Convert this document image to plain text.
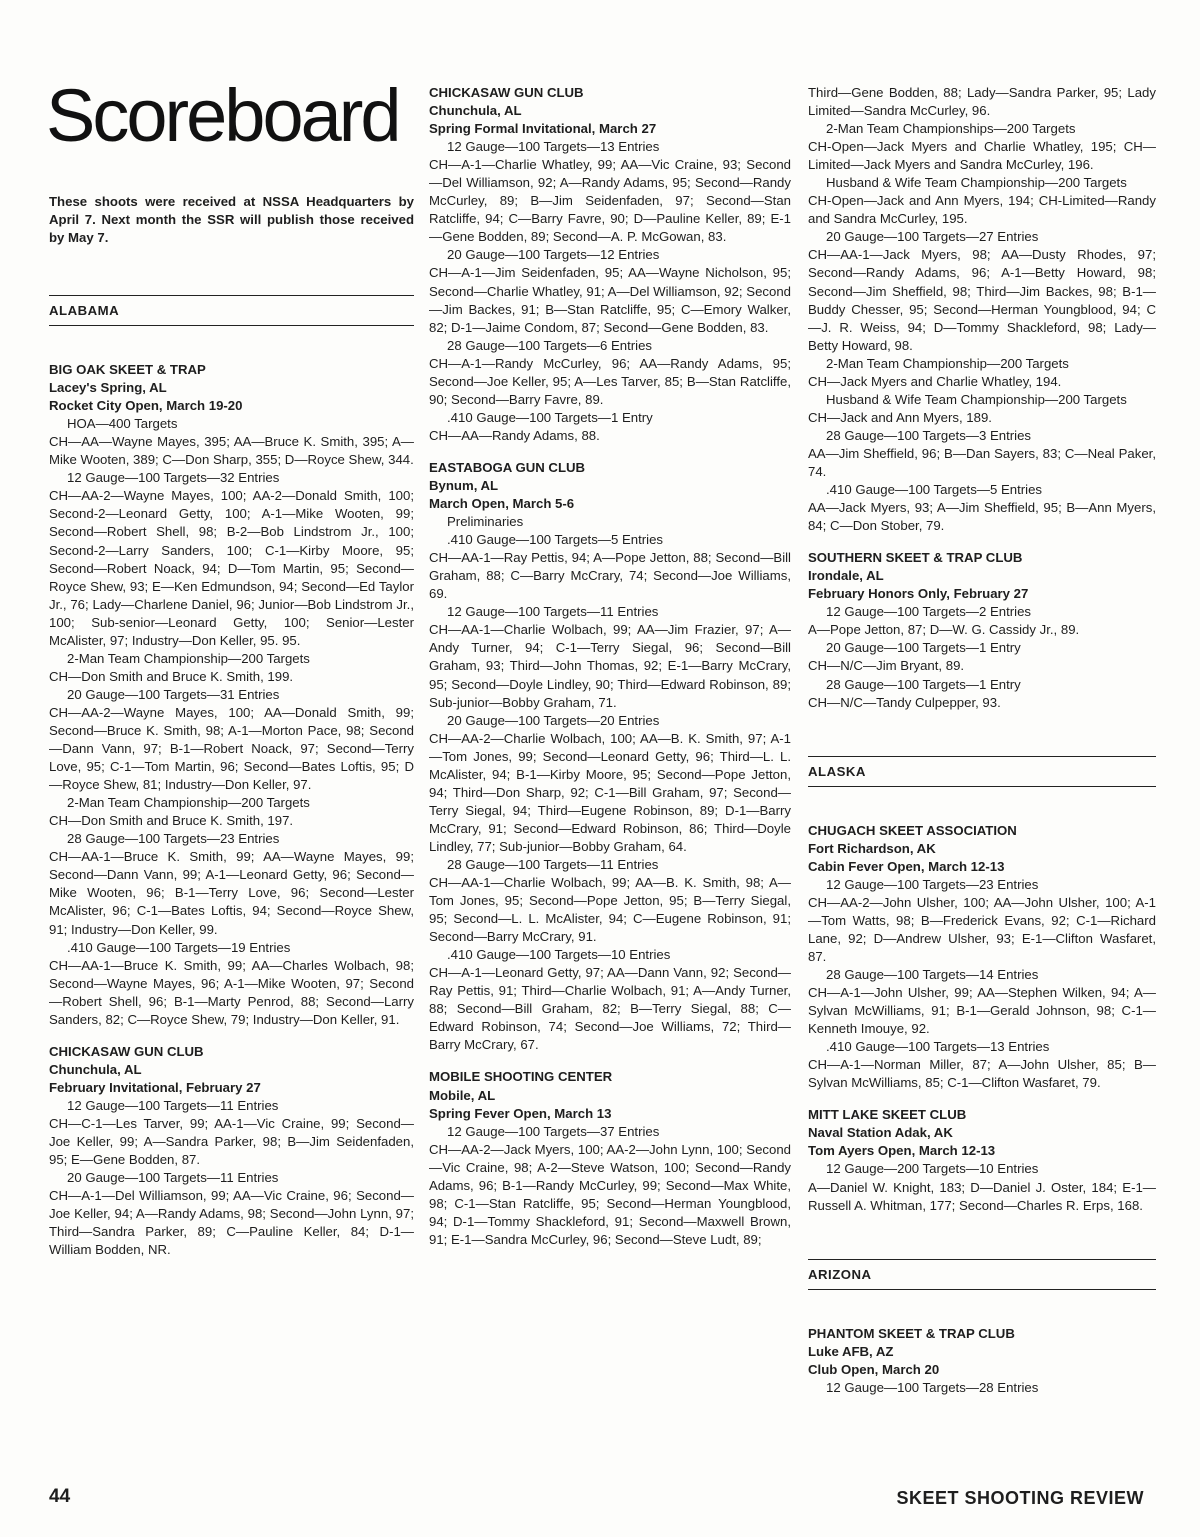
Scoreboard

These shoots were received at NSSA Headquarters by April 7. Next month the SSR will publish those received by May 7.

ALABAMA

BIG OAK SKEET & TRAP

Lacey's Spring, AL

Rocket City Open, March 19-20

HOA—400 Targets

CH—AA—Wayne Mayes, 395; AA—Bruce K. Smith, 395; A—Mike Wooten, 389; C—Don Sharp, 355; D—Royce Shew, 344.

12 Gauge—100 Targets—32 Entries

CH—AA-2—Wayne Mayes, 100; AA-2—Donald Smith, 100; Second-2—Leonard Getty, 100; A-1—Mike Wooten, 99; Second—Robert Shell, 98; B-2—Bob Lindstrom Jr., 100; Second-2—Larry Sanders, 100; C-1—Kirby Moore, 95; Second—Robert Noack, 94; D—Tom Martin, 95; Second—Royce Shew, 93; E—Ken Edmundson, 94; Second—Ed Taylor Jr., 76; Lady—Charlene Daniel, 96; Junior—Bob Lindstrom Jr., 100; Sub-senior—Leonard Getty, 100; Senior—Lester McAlister, 97; Industry—Don Keller, 95. 95.

2-Man Team Championship—200 Targets

CH—Don Smith and Bruce K. Smith, 199.

20 Gauge—100 Targets—31 Entries

CH—AA-2—Wayne Mayes, 100; AA—Donald Smith, 99; Second—Bruce K. Smith, 98; A-1—Morton Pace, 98; Second—Dann Vann, 97; B-1—Robert Noack, 97; Second—Terry Love, 95; C-1—Tom Martin, 96; Second—Bates Loftis, 95; D—Royce Shew, 81; Industry—Don Keller, 97.

2-Man Team Championship—200 Targets

CH—Don Smith and Bruce K. Smith, 197.

28 Gauge—100 Targets—23 Entries

CH—AA-1—Bruce K. Smith, 99; AA—Wayne Mayes, 99; Second—Dann Vann, 99; A-1—Leonard Getty, 96; Second—Mike Wooten, 96; B-1—Terry Love, 96; Second—Lester McAlister, 96; C-1—Bates Loftis, 94; Second—Royce Shew, 91; Industry—Don Keller, 99.

.410 Gauge—100 Targets—19 Entries

CH—AA-1—Bruce K. Smith, 99; AA—Charles Wolbach, 98; Second—Wayne Mayes, 96; A-1—Mike Wooten, 97; Second—Robert Shell, 96; B-1—Marty Penrod, 88; Second—Larry Sanders, 82; C—Royce Shew, 79; Industry—Don Keller, 91.

CHICKASAW GUN CLUB

Chunchula, AL

February Invitational, February 27

12 Gauge—100 Targets—11 Entries

CH—C-1—Les Tarver, 99; AA-1—Vic Craine, 99; Second—Joe Keller, 99; A—Sandra Parker, 98; B—Jim Seidenfaden, 95; E—Gene Bodden, 87.

20 Gauge—100 Targets—11 Entries

CH—A-1—Del Williamson, 99; AA—Vic Craine, 96; Second—Joe Keller, 94; A—Randy Adams, 98; Second—John Lynn, 97; Third—Sandra Parker, 89; C—Pauline Keller, 84; D-1—William Bodden, NR.

CHICKASAW GUN CLUB

Chunchula, AL

Spring Formal Invitational, March 27

12 Gauge—100 Targets—13 Entries

CH—A-1—Charlie Whatley, 99; AA—Vic Craine, 93; Second—Del Williamson, 92; A—Randy Adams, 95; Second—Randy McCurley, 89; B—Jim Seidenfaden, 97; Second—Stan Ratcliffe, 94; C—Barry Favre, 90; D—Pauline Keller, 89; E-1—Gene Bodden, 89; Second—A. P. McGowan, 83.

20 Gauge—100 Targets—12 Entries

CH—A-1—Jim Seidenfaden, 95; AA—Wayne Nicholson, 95; Second—Charlie Whatley, 91; A—Del Williamson, 92; Second—Jim Backes, 91; B—Stan Ratcliffe, 95; C—Emory Walker, 82; D-1—Jaime Condom, 87; Second—Gene Bodden, 83.

28 Gauge—100 Targets—6 Entries

CH—A-1—Randy McCurley, 96; AA—Randy Adams, 95; Second—Joe Keller, 95; A—Les Tarver, 85; B—Stan Ratcliffe, 90; Second—Barry Favre, 89.

.410 Gauge—100 Targets—1 Entry

CH—AA—Randy Adams, 88.

EASTABOGA GUN CLUB

Bynum, AL

March Open, March 5-6

Preliminaries

.410 Gauge—100 Targets—5 Entries

CH—AA-1—Ray Pettis, 94; A—Pope Jetton, 88; Second—Bill Graham, 88; C—Barry McCrary, 74; Second—Joe Williams, 69.

12 Gauge—100 Targets—11 Entries

CH—AA-1—Charlie Wolbach, 99; AA—Jim Frazier, 97; A—Andy Turner, 94; C-1—Terry Siegal, 96; Second—Bill Graham, 93; Third—John Thomas, 92; E-1—Barry McCrary, 95; Second—Doyle Lindley, 90; Third—Edward Robinson, 89; Sub-junior—Bobby Graham, 71.

20 Gauge—100 Targets—20 Entries

CH—AA-2—Charlie Wolbach, 100; AA—B. K. Smith, 97; A-1—Tom Jones, 99; Second—Leonard Getty, 96; Third—L. L. McAlister, 94; B-1—Kirby Moore, 95; Second—Pope Jetton, 94; Third—Don Sharp, 92; C-1—Bill Graham, 97; Second—Terry Siegal, 94; Third—Eugene Robinson, 89; D-1—Barry McCrary, 91; Second—Edward Robinson, 86; Third—Doyle Lindley, 77; Sub-junior—Bobby Graham, 64.

28 Gauge—100 Targets—11 Entries

CH—AA-1—Charlie Wolbach, 99; AA—B. K. Smith, 98; A—Tom Jones, 95; Second—Pope Jetton, 95; B—Terry Siegal, 95; Second—L. L. McAlister, 94; C—Eugene Robinson, 91; Second—Barry McCrary, 91.

.410 Gauge—100 Targets—10 Entries

CH—A-1—Leonard Getty, 97; AA—Dann Vann, 92; Second—Ray Pettis, 91; Third—Charlie Wolbach, 91; A—Andy Turner, 88; Second—Bill Graham, 82; B—Terry Siegal, 88; C—Edward Robinson, 74; Second—Joe Williams, 72; Third—Barry McCrary, 67.

MOBILE SHOOTING CENTER

Mobile, AL

Spring Fever Open, March 13

12 Gauge—100 Targets—37 Entries

CH—AA-2—Jack Myers, 100; AA-2—John Lynn, 100; Second—Vic Craine, 98; A-2—Steve Watson, 100; Second—Randy Adams, 96; B-1—Randy McCurley, 99; Second—Max White, 98; C-1—Stan Ratcliffe, 95; Second—Herman Youngblood, 94; D-1—Tommy Shackleford, 91; Second—Maxwell Brown, 91; E-1—Sandra McCurley, 96; Second—Steve Ludt, 89;

Third—Gene Bodden, 88; Lady—Sandra Parker, 95; Lady Limited—Sandra McCurley, 96.

2-Man Team Championships—200 Targets

CH-Open—Jack Myers and Charlie Whatley, 195; CH—Limited—Jack Myers and Sandra McCurley, 196.

Husband & Wife Team Championship—200 Targets

CH-Open—Jack and Ann Myers, 194; CH-Limited—Randy and Sandra McCurley, 195.

20 Gauge—100 Targets—27 Entries

CH—AA-1—Jack Myers, 98; AA—Dusty Rhodes, 97; Second—Randy Adams, 96; A-1—Betty Howard, 98; Second—Jim Sheffield, 98; Third—Jim Backes, 98; B-1—Buddy Chesser, 95; Second—Herman Youngblood, 94; C—J. R. Weiss, 94; D—Tommy Shackleford, 98; Lady—Betty Howard, 98.

2-Man Team Championship—200 Targets

CH—Jack Myers and Charlie Whatley, 194.

Husband & Wife Team Championship—200 Targets

CH—Jack and Ann Myers, 189.

28 Gauge—100 Targets—3 Entries

AA—Jim Sheffield, 96; B—Dan Sayers, 83; C—Neal Paker, 74.

.410 Gauge—100 Targets—5 Entries

AA—Jack Myers, 93; A—Jim Sheffield, 95; B—Ann Myers, 84; C—Don Stober, 79.

SOUTHERN SKEET & TRAP CLUB

Irondale, AL

February Honors Only, February 27

12 Gauge—100 Targets—2 Entries

A—Pope Jetton, 87; D—W. G. Cassidy Jr., 89.

20 Gauge—100 Targets—1 Entry

CH—N/C—Jim Bryant, 89.

28 Gauge—100 Targets—1 Entry

CH—N/C—Tandy Culpepper, 93.

ALASKA

CHUGACH SKEET ASSOCIATION

Fort Richardson, AK

Cabin Fever Open, March 12-13

12 Gauge—100 Targets—23 Entries

CH—AA-2—John Ulsher, 100; AA—John Ulsher, 100; A-1—Tom Watts, 98; B—Frederick Evans, 92; C-1—Richard Lane, 92; D—Andrew Ulsher, 93; E-1—Clifton Wasfaret, 87.

28 Gauge—100 Targets—14 Entries

CH—A-1—John Ulsher, 99; AA—Stephen Wilken, 94; A—Sylvan McWilliams, 91; B-1—Gerald Johnson, 98; C-1—Kenneth Imouye, 92.

.410 Gauge—100 Targets—13 Entries

CH—A-1—Norman Miller, 87; A—John Ulsher, 85; B—Sylvan McWilliams, 85; C-1—Clifton Wasfaret, 79.

MITT LAKE SKEET CLUB

Naval Station Adak, AK

Tom Ayers Open, March 12-13

12 Gauge—200 Targets—10 Entries

A—Daniel W. Knight, 183; D—Daniel J. Oster, 184; E-1—Russell A. Whitman, 177; Second—Charles R. Erps, 168.

ARIZONA

PHANTOM SKEET & TRAP CLUB

Luke AFB, AZ

Club Open, March 20

12 Gauge—100 Targets—28 Entries

44	SKEET SHOOTING REVIEW
